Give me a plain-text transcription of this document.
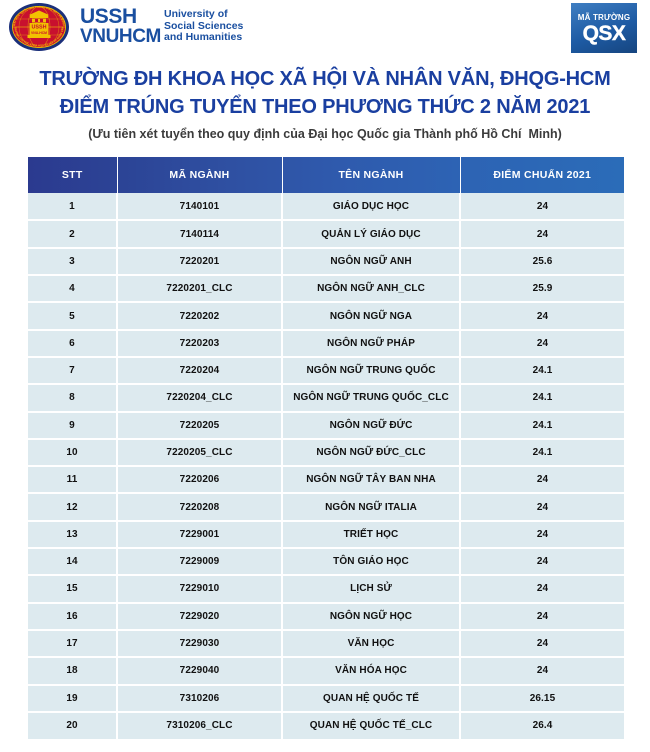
USSH
VNU-HCM
ĐẠI HỌC QUỐC GIA THÀNH PHỐ HỒ CHÍ MINH
TRƯỜNG ĐẠI HỌC KHOA HỌC XÃ HỘI VÀ NHÂN VĂN USSH
VNUHCM
University of
Social Sciences
and Humanities
MÃ TRƯỜNG
QSX
TRƯỜNG ĐH KHOA HỌC XÃ HỘI VÀ NHÂN VĂN, ĐHQG-HCM
ĐIỂM TRÚNG TUYỂN THEO PHƯƠNG THỨC 2 NĂM 2021
(Ưu tiên xét tuyển theo quy định của Đại học Quốc gia Thành phố Hồ Chí  Minh)
STT	MÃ NGÀNH	TÊN NGÀNH	ĐIỂM CHUẨN 2021
1	7140101	GIÁO DỤC HỌC	24
2	7140114	QUẢN LÝ GIÁO DỤC	24
3	7220201	NGÔN NGỮ ANH	25.6
4	7220201_CLC	NGÔN NGỮ ANH_CLC	25.9
5	7220202	NGÔN NGỮ NGA	24
6	7220203	NGÔN NGỮ PHÁP	24
7	7220204	NGÔN NGỮ TRUNG QUỐC	24.1
8	7220204_CLC	NGÔN NGỮ TRUNG QUỐC_CLC	24.1
9	7220205	NGÔN NGỮ ĐỨC	24.1
10	7220205_CLC	NGÔN NGỮ ĐỨC_CLC	24.1
11	7220206	NGÔN NGỮ TÂY BAN NHA	24
12	7220208	NGÔN NGỮ ITALIA	24
13	7229001	TRIẾT HỌC	24
14	7229009	TÔN GIÁO HỌC	24
15	7229010	LỊCH SỬ	24
16	7229020	NGÔN NGỮ HỌC	24
17	7229030	VĂN HỌC	24
18	7229040	VĂN HÓA HỌC	24
19	7310206	QUAN HỆ QUỐC TẾ	26.15
20	7310206_CLC	QUAN HỆ QUỐC TẾ_CLC	26.4
